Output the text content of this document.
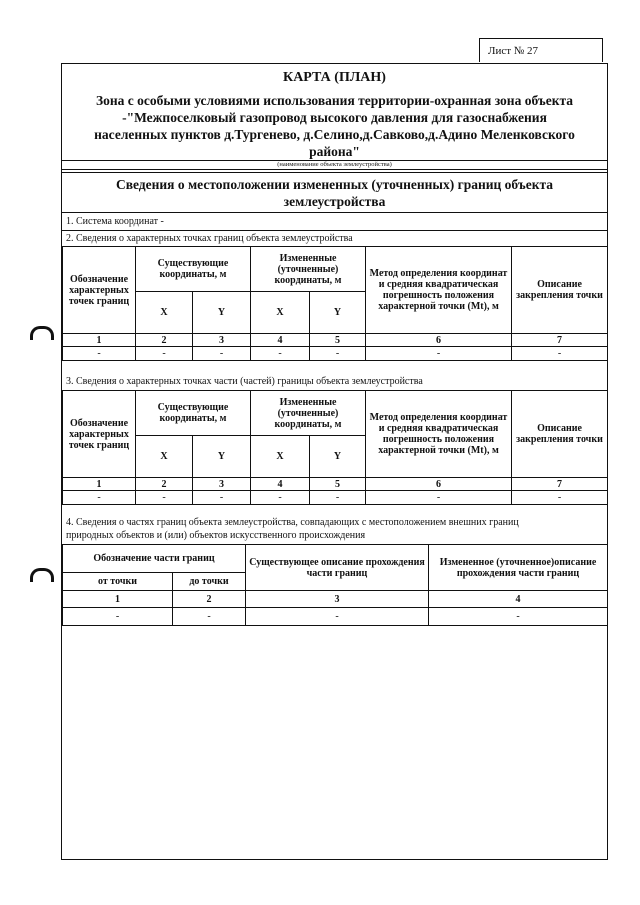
Лист № 27
КАРТА (ПЛАН)
Зона с особыми условиями использования территории-охранная зона объекта
-"Межпоселковый газопровод высокого давления для газоснабжения
населенных пунктов д.Тургенево, д.Селино,д.Савково,д.Адино Меленковского
района"
(наименование объекта землеустройства)
Сведения о местоположении измененных (уточненных) границ объекта
землеустройства
1. Система координат -
2. Сведения о характерных точках границ объекта землеустройства
Обозначение характерных точек границ	Существующие координаты, м		Измененные (уточненные) координаты, м		Метод определения координат и средняя квадратическая погрешность положения характерной точки (Mt), м	Описание закрепления точки
	X	Y	X	Y		
1	2	3	4	5	6	7
-	-	-	-	-	-	-
3. Сведения о характерных точках части (частей) границы объекта землеустройства
Обозначение характерных точек границ	Существующие координаты, м		Измененные (уточненные) координаты, м		Метод определения координат и средняя квадратическая погрешность положения характерной точки (Mt), м	Описание закрепления точки
	X	Y	X	Y		
1	2	3	4	5	6	7
-	-	-	-	-	-	-
4. Сведения о частях границ объекта землеустройства, совпадающих с местоположением внешних границ
природных объектов и (или) объектов искусственного происхождения
Обозначение части границ		Существующее описание прохождения части границ	Измененное (уточненное)описание прохождения части границ
от точки	до точки		
1	2	3	4
-	-	-	-
